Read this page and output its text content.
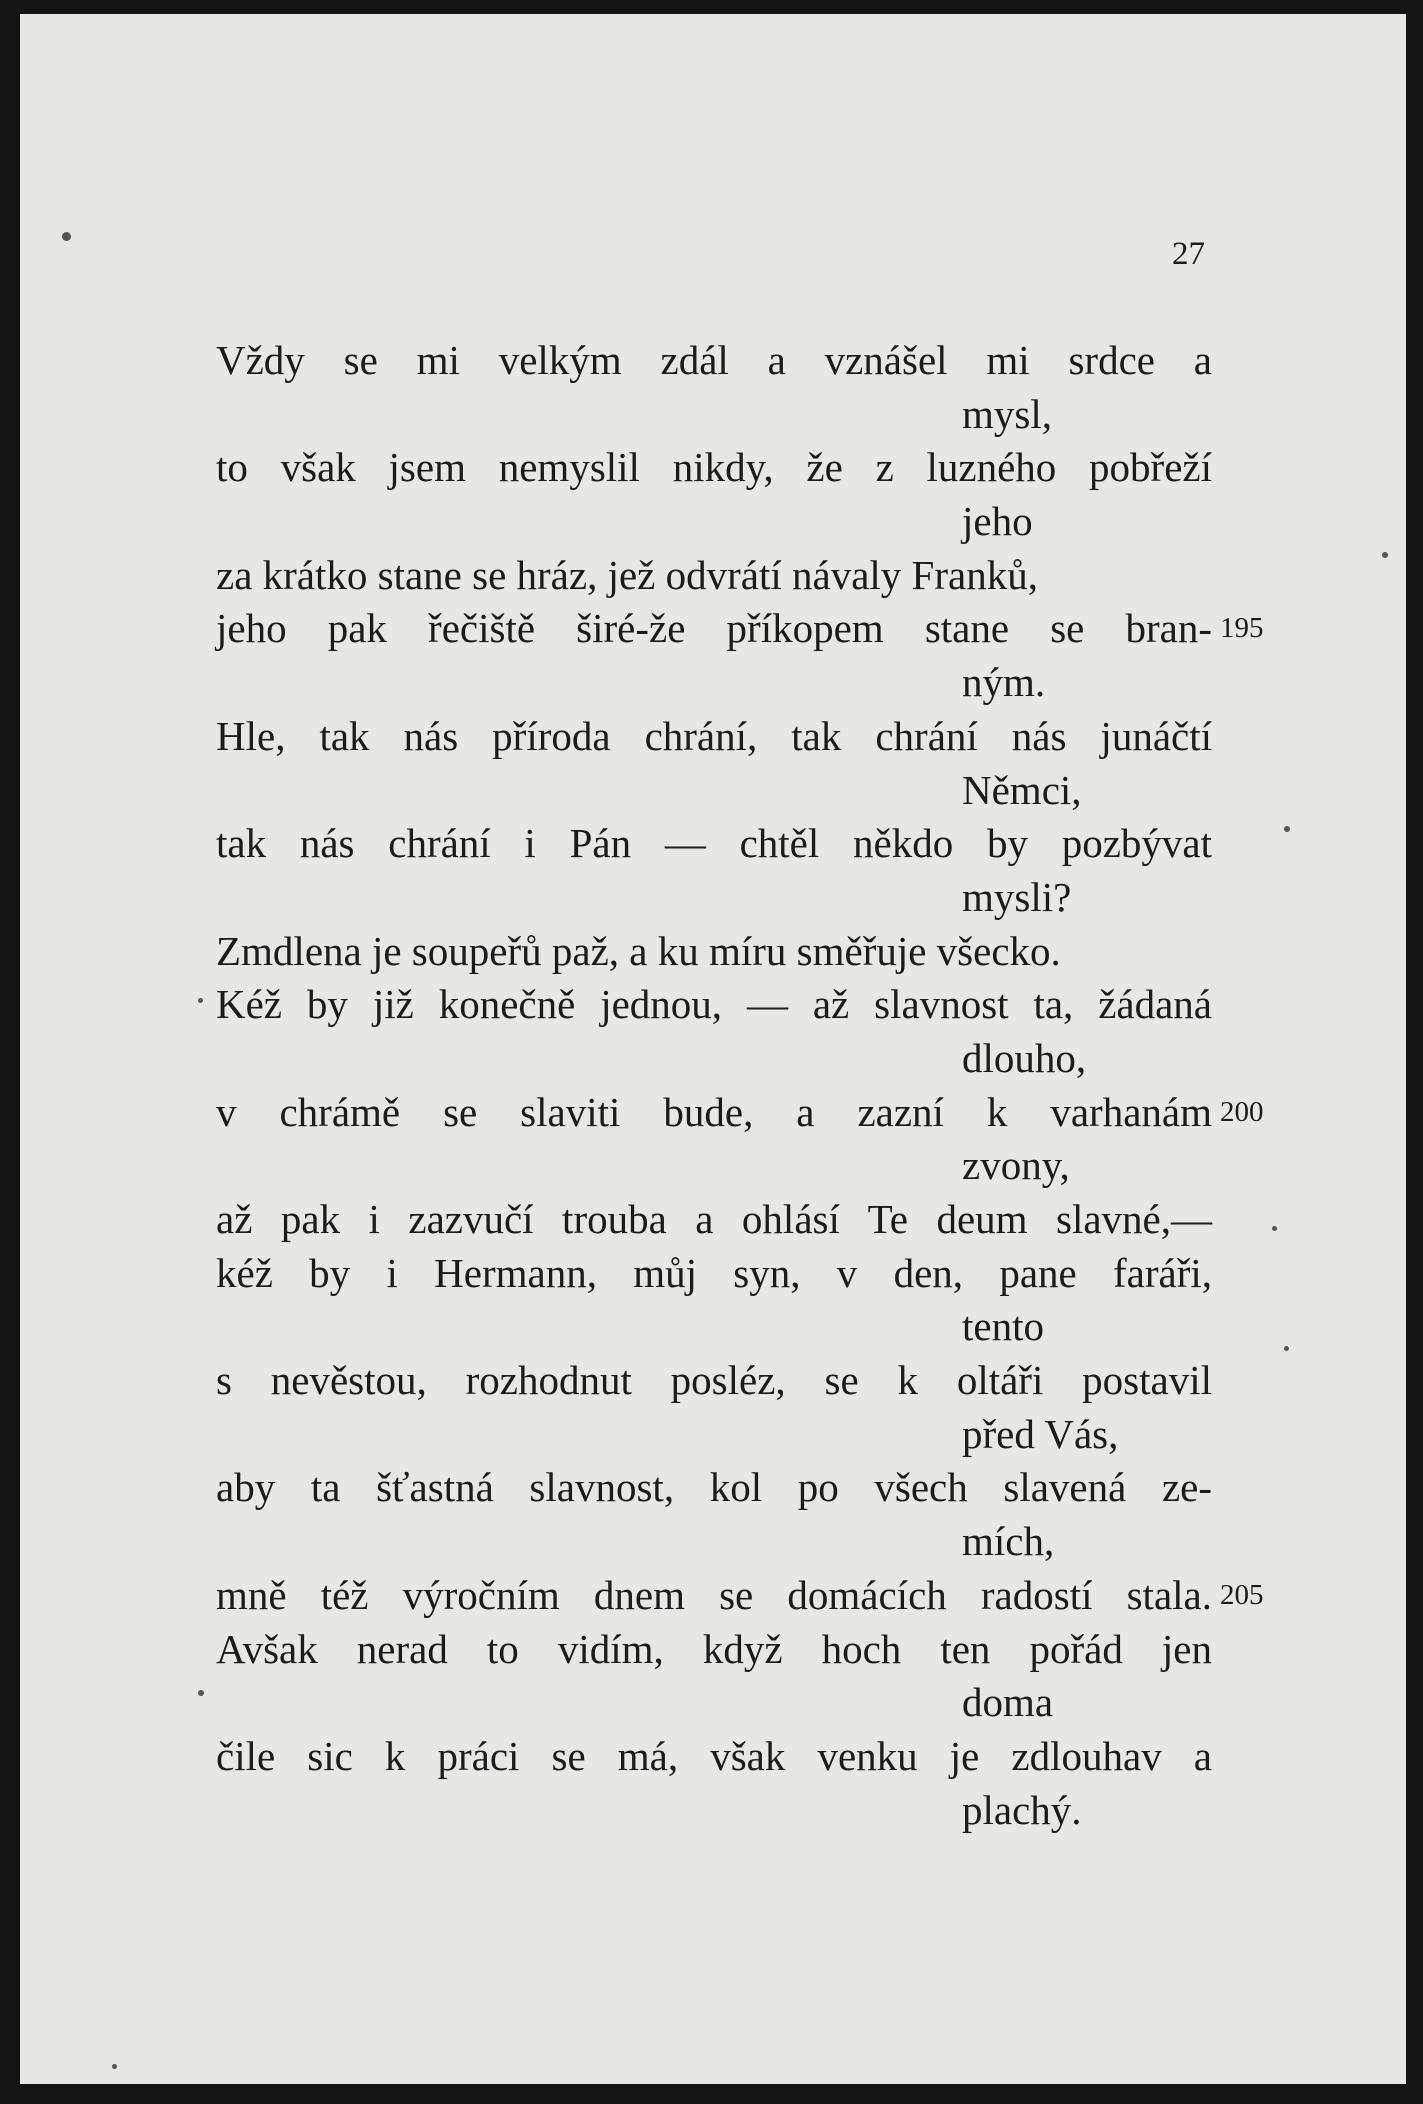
27
Vždy se mi velkým zdál a vznášel mi srdce a
mysl,
to však jsem nemyslil nikdy, že z luzného pobřeží
jeho
za krátko stane se hráz, jež odvrátí návaly Franků,
jeho pak řečiště širé-že příkopem stane se bran- 195
ným.
Hle, tak nás příroda chrání, tak chrání nás junáčtí
Němci,
tak nás chrání i Pán — chtěl někdo by pozbývat
mysli?
Zmdlena je soupeřů paž, a ku míru směřuje všecko.
Kéž by již konečně jednou, — až slavnost ta, žádaná
dlouho,
v chrámě se slaviti bude, a zazní k varhanám 200
zvony,
až pak i zazvučí trouba a ohlásí Te deum slavné,—
kéž by i Hermann, můj syn, v den, pane faráři,
tento
s nevěstou, rozhodnut posléz, se k oltáři postavil
před Vás,
aby ta šťastná slavnost, kol po všech slavená ze-
mích,
mně též výročním dnem se domácích radostí stala. 205
Avšak nerad to vidím, když hoch ten pořád jen
doma
čile sic k práci se má, však venku je zdlouhav a
plachý.
